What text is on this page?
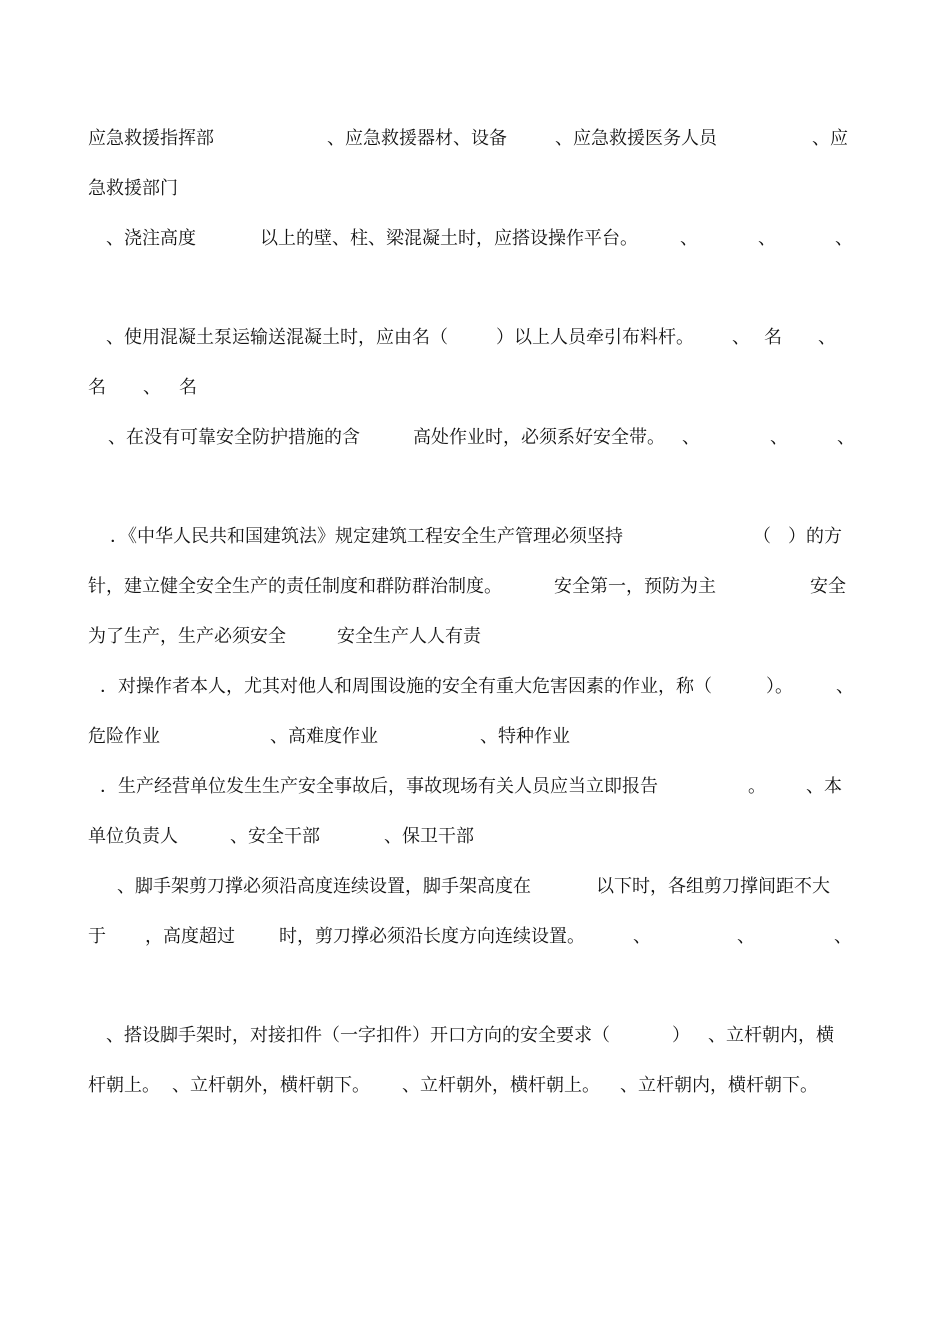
应急救援指挥部	、应急救援器材、设备	、应急救援医务人员	、应
急救援部门
、浇注高度	以上的壁、柱、梁混凝土时，应搭设操作平台。 、	、	、
、使用混凝土泵运输送混凝土时，应由名（	）以上人员牵引布料杆。 、 名 、
名 、 名
、在没有可靠安全防护措施的含	高处作业时，必须系好安全带。 、	、	、
．《中华人民共和国建筑法》规定建筑工程安全生产管理必须坚持	（ ）的方
针，建立健全安全生产的责任制度和群防群治制度。	安全第一，预防为主	安全
为了生产，生产必须安全	安全生产人人有责
．对操作者本人，尤其对他人和周围设施的安全有重大危害因素的作业，称（	）。 、
危险作业	、高难度作业	、特种作业
．生产经营单位发生生产安全事故后，事故现场有关人员应当立即报告	。 、本
单位负责人	、安全干部	、保卫干部
、脚手架剪刀撑必须沿高度连续设置，脚手架高度在	以下时，各组剪刀撑间距不大
于 ，高度超过 时，剪刀撑必须沿长度方向连续设置。	、	、	、
、搭设脚手架时，对接扣件（一字扣件）开口方向的安全要求（	） 、立杆朝内，横
杆朝上。 、立杆朝外，横杆朝下。 、立杆朝外，横杆朝上。 、立杆朝内，横杆朝下。
